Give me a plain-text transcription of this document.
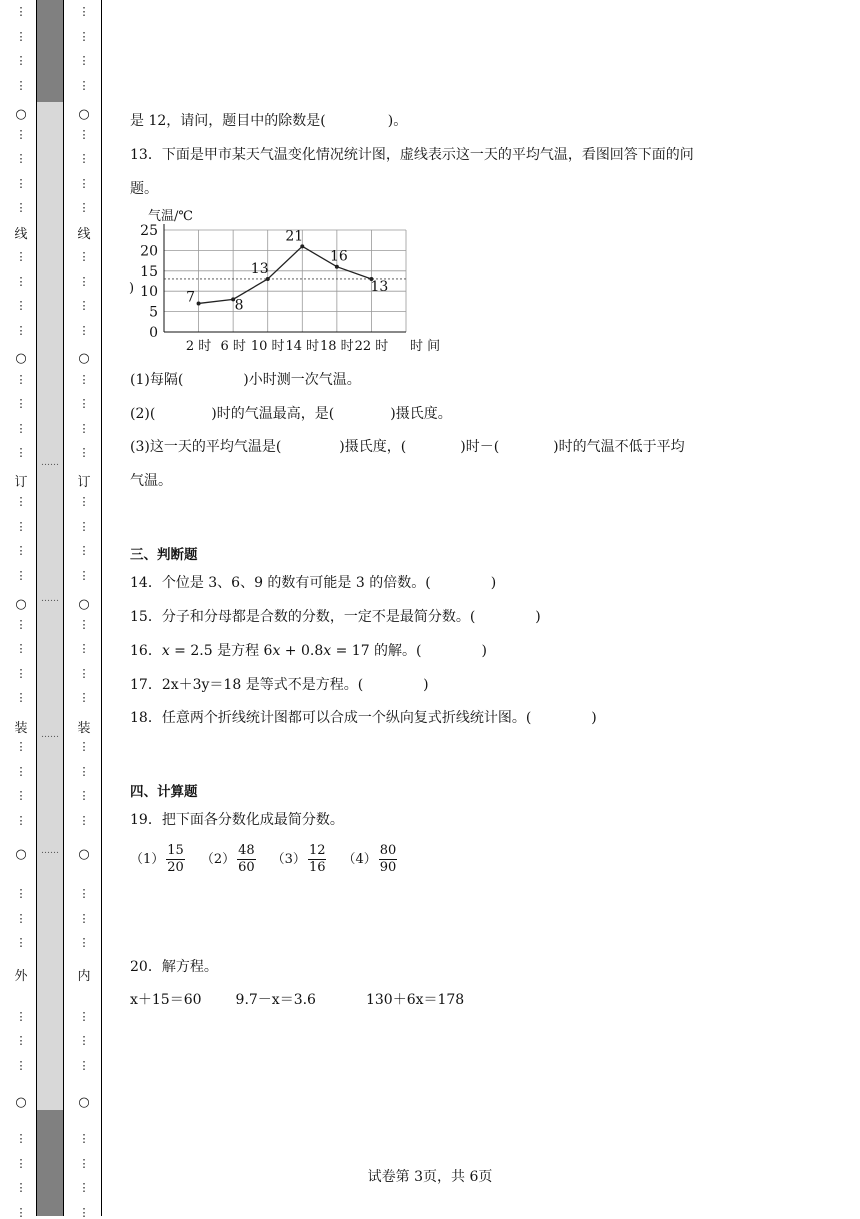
⋮
⋮
⋮
⋮
⋮
⋮
⋮
⋮
⋮
⋮
⋮
⋮
⋮
⋮
⋮
⋮
⋮
⋮
⋮
⋮
⋮
⋮
⋮
⋮
⋮
⋮
⋮
⋮
⋮
⋮
⋮
⋮
⋮
⋮
⋮
⋮
⋮
⋮
○
○
○
○
○
线
订
装
外
……
……
……
……
⋮
⋮
⋮
⋮
⋮
⋮
⋮
⋮
⋮
⋮
⋮
⋮
⋮
⋮
⋮
⋮
⋮
⋮
⋮
⋮
⋮
⋮
⋮
⋮
⋮
⋮
⋮
⋮
⋮
⋮
⋮
⋮
⋮
⋮
⋮
⋮
⋮
⋮
○
○
○
○
○
线
订
装
内
是 12，请问，题目中的除数是(	)。
13．下面是甲市某天气温变化情况统计图，虚线表示这一天的平均气温，看图回答下面的问
题。
(1)每隔(	)小时测一次气温。
(2)(	)时的气温最高，是(	)摄氏度。
(3)这一天的平均气温是(	)摄氏度，(	)时－(	)时的气温不低于平均
气温。
三、判断题
14．个位是 3、6、9 的数有可能是 3 的倍数。(	)
15．分子和分母都是合数的分数，一定不是最简分数。(	)
16．x = 2.5 是方程 6x + 0.8x = 17 的解。(	)
17．2x＋3y＝18 是等式不是方程。(	)
18．任意两个折线统计图都可以合成一个纵向复式折线统计图。(	)
四、计算题
19．把下面各分数化成最简分数。
$(1) \frac{15}{20} (2) \frac{48}{60} (3) \frac{12}{16} (4) \frac{80}{90}$
20．解方程。
x＋15＝60 9.7－x＝3.6	130＋6x＝178
0
5
10
15
20
25
气温/℃
)
2 时 6 时 10 时 14 时 18 时 22 时 时 间
7	8
13
21
16
13
试卷第 3页，共 6页
